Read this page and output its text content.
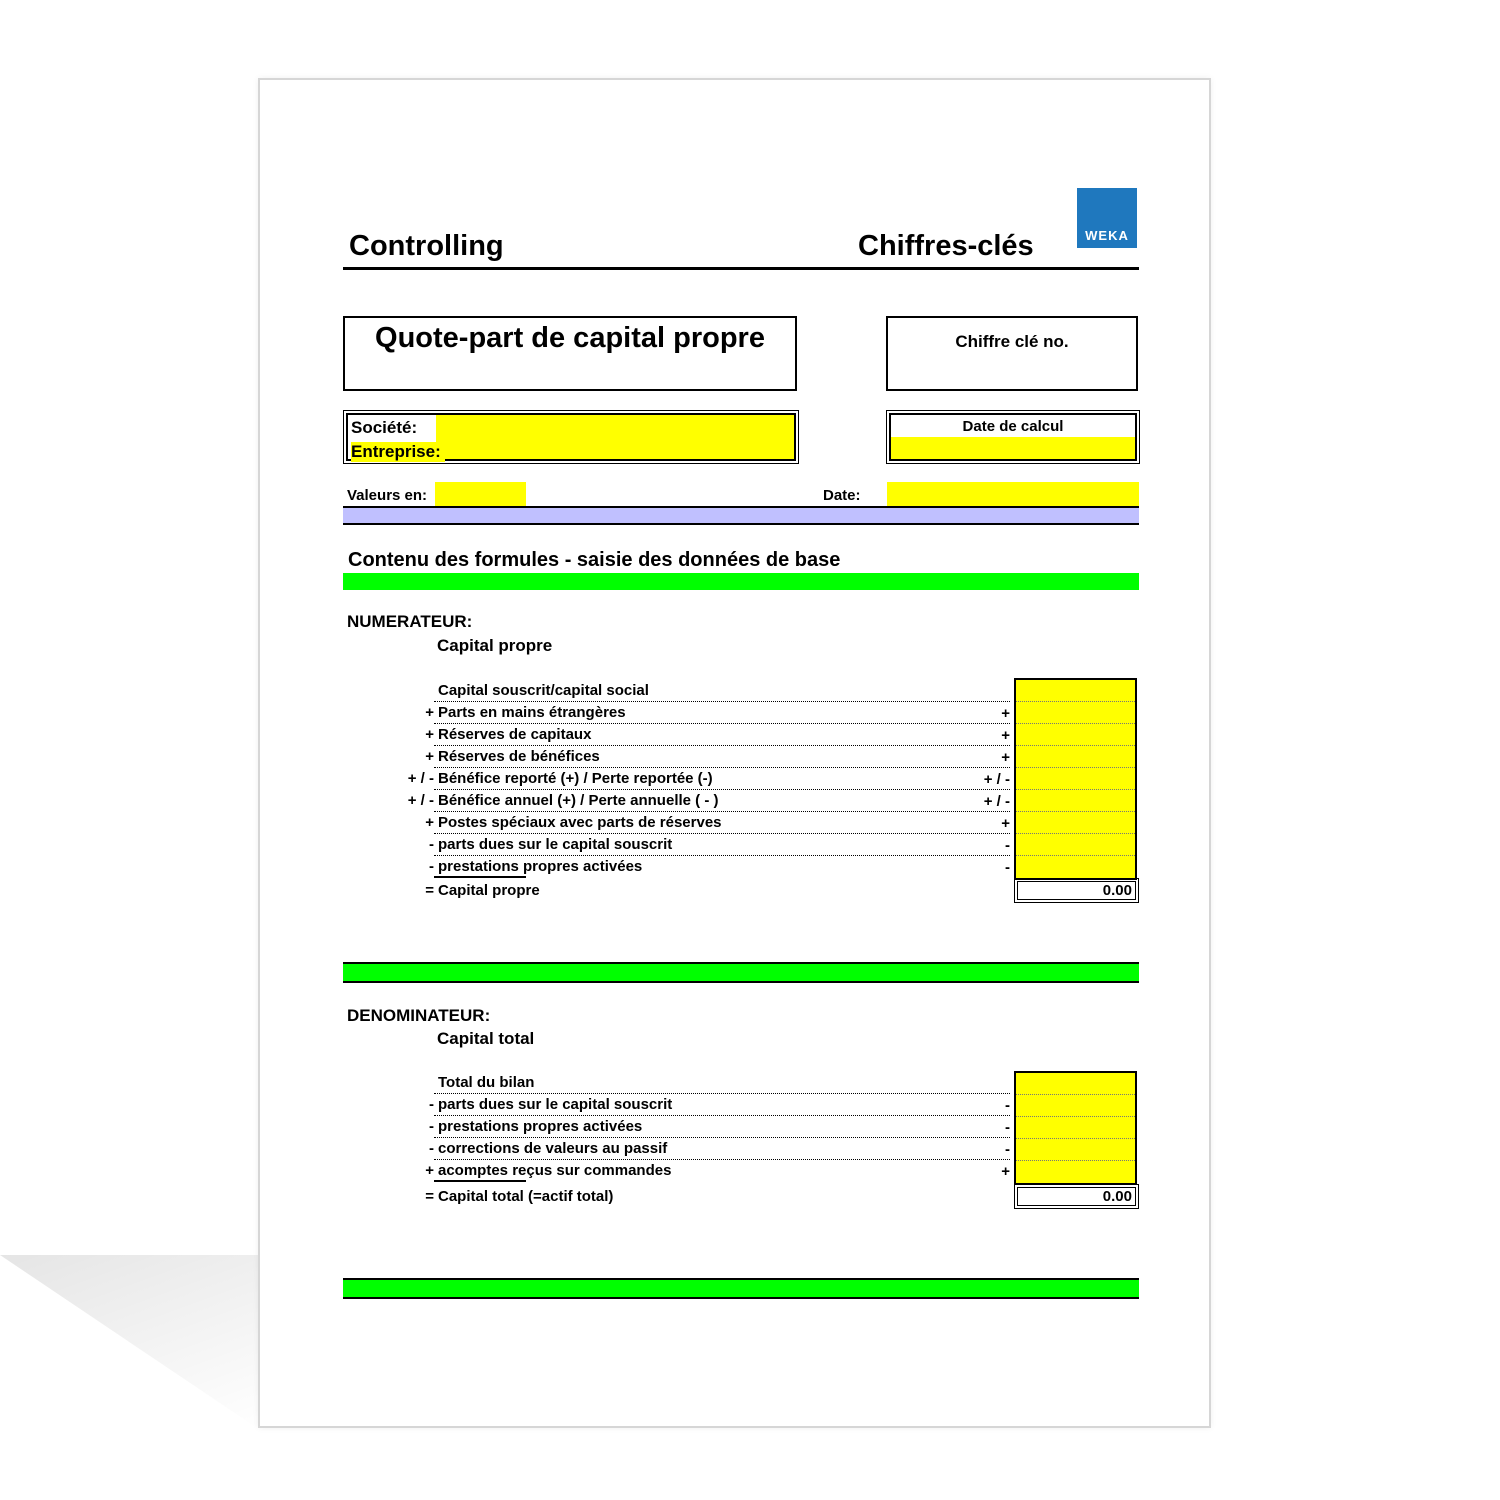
Controlling	Chiffres-clés	WEKA
Quote-part de capital propre	Chiffre clé no.
Société:
Entreprise:
Date de calcul
Valeurs en:	Date:
Contenu des formules - saisie des données de base
NUMERATEUR:
Capital propre
Capital souscrit/capital social
+ Parts en mains étrangères	+
+ Réserves de capitaux	+
+ Réserves de bénéfices	+
+ / - Bénéfice reporté (+) / Perte reportée (-)	+ / -
+ / - Bénéfice annuel (+) / Perte annuelle ( - )	+ / -
+ Postes spéciaux avec parts de réserves	+
- parts dues sur le capital souscrit	-
- prestations propres activées	-
= Capital propre	0.00
DENOMINATEUR:
Capital total
Total du bilan
- parts dues sur le capital souscrit	-
- prestations propres activées	-
- corrections de valeurs au passif	-
+ acomptes reçus sur commandes	+
= Capital total (=actif total)	0.00
